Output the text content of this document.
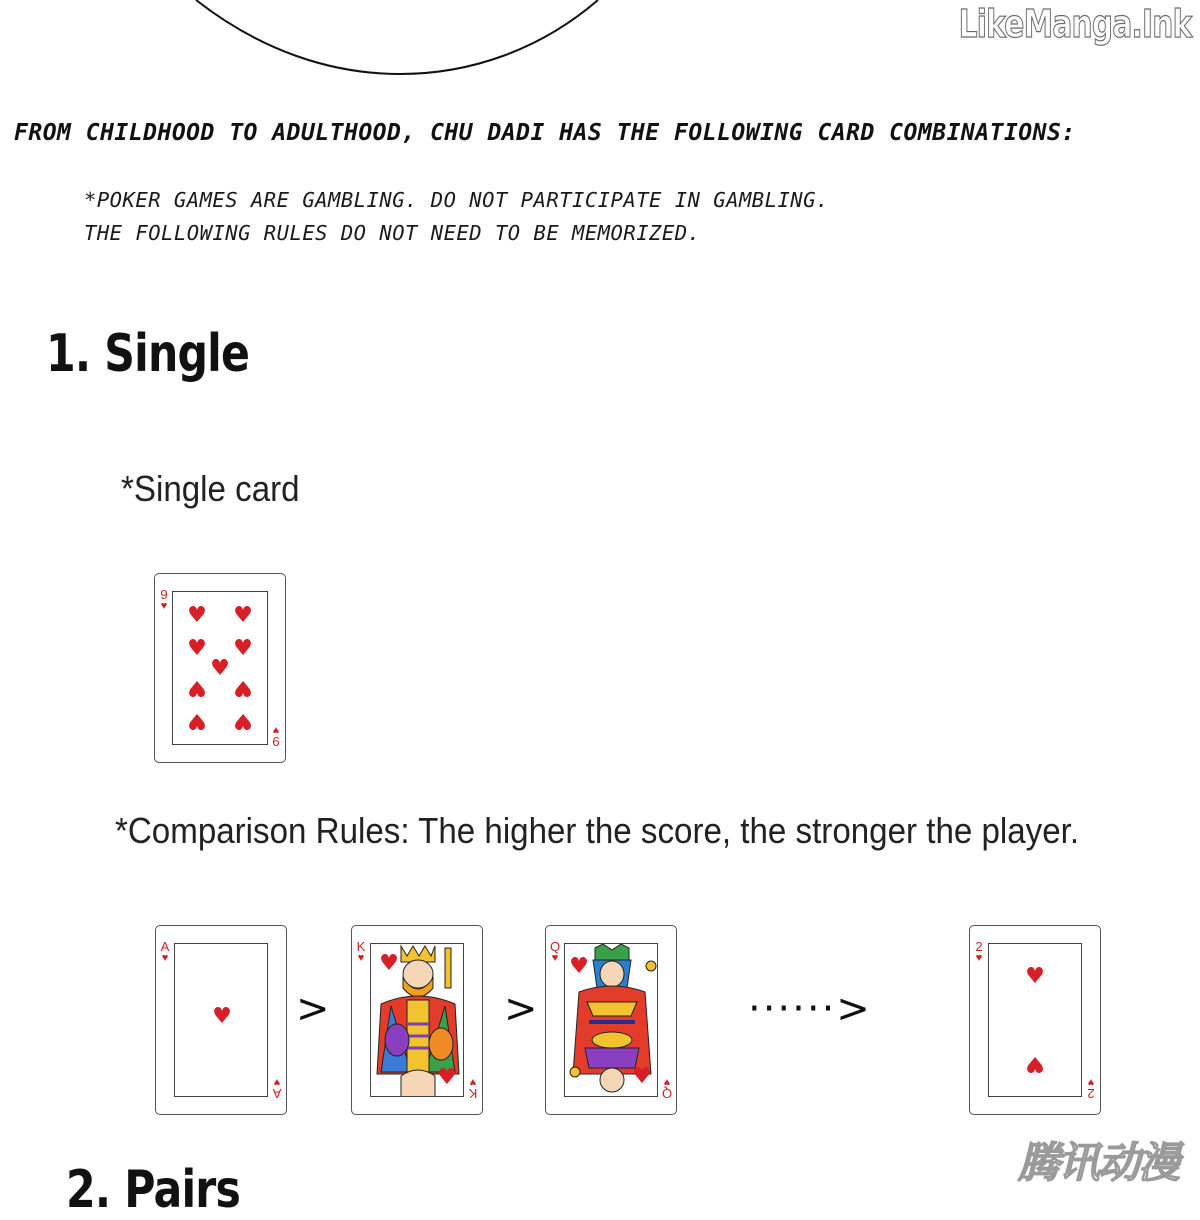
LikeManga.Ink
FROM CHILDHOOD TO ADULTHOOD, CHU DADI HAS THE FOLLOWING CARD COMBINATIONS:
*POKER GAMES ARE GAMBLING. DO NOT PARTICIPATE IN GAMBLING.
THE FOLLOWING RULES DO NOT NEED TO BE MEMORIZED.
1. Single
*Single card
9
♥
9
♥
♥ ♥
♥ ♥
♥
♥ ♥
♥ ♥
*Comparison Rules: The higher the score, the stronger the player.
A
♥
A
♥
♥ >
K
♥
K
♥
♥
♥
>
Q
♥
Q
♥
♥
♥
······>
2
♥
2
♥
♥
♥
2. Pairs	腾讯动漫
